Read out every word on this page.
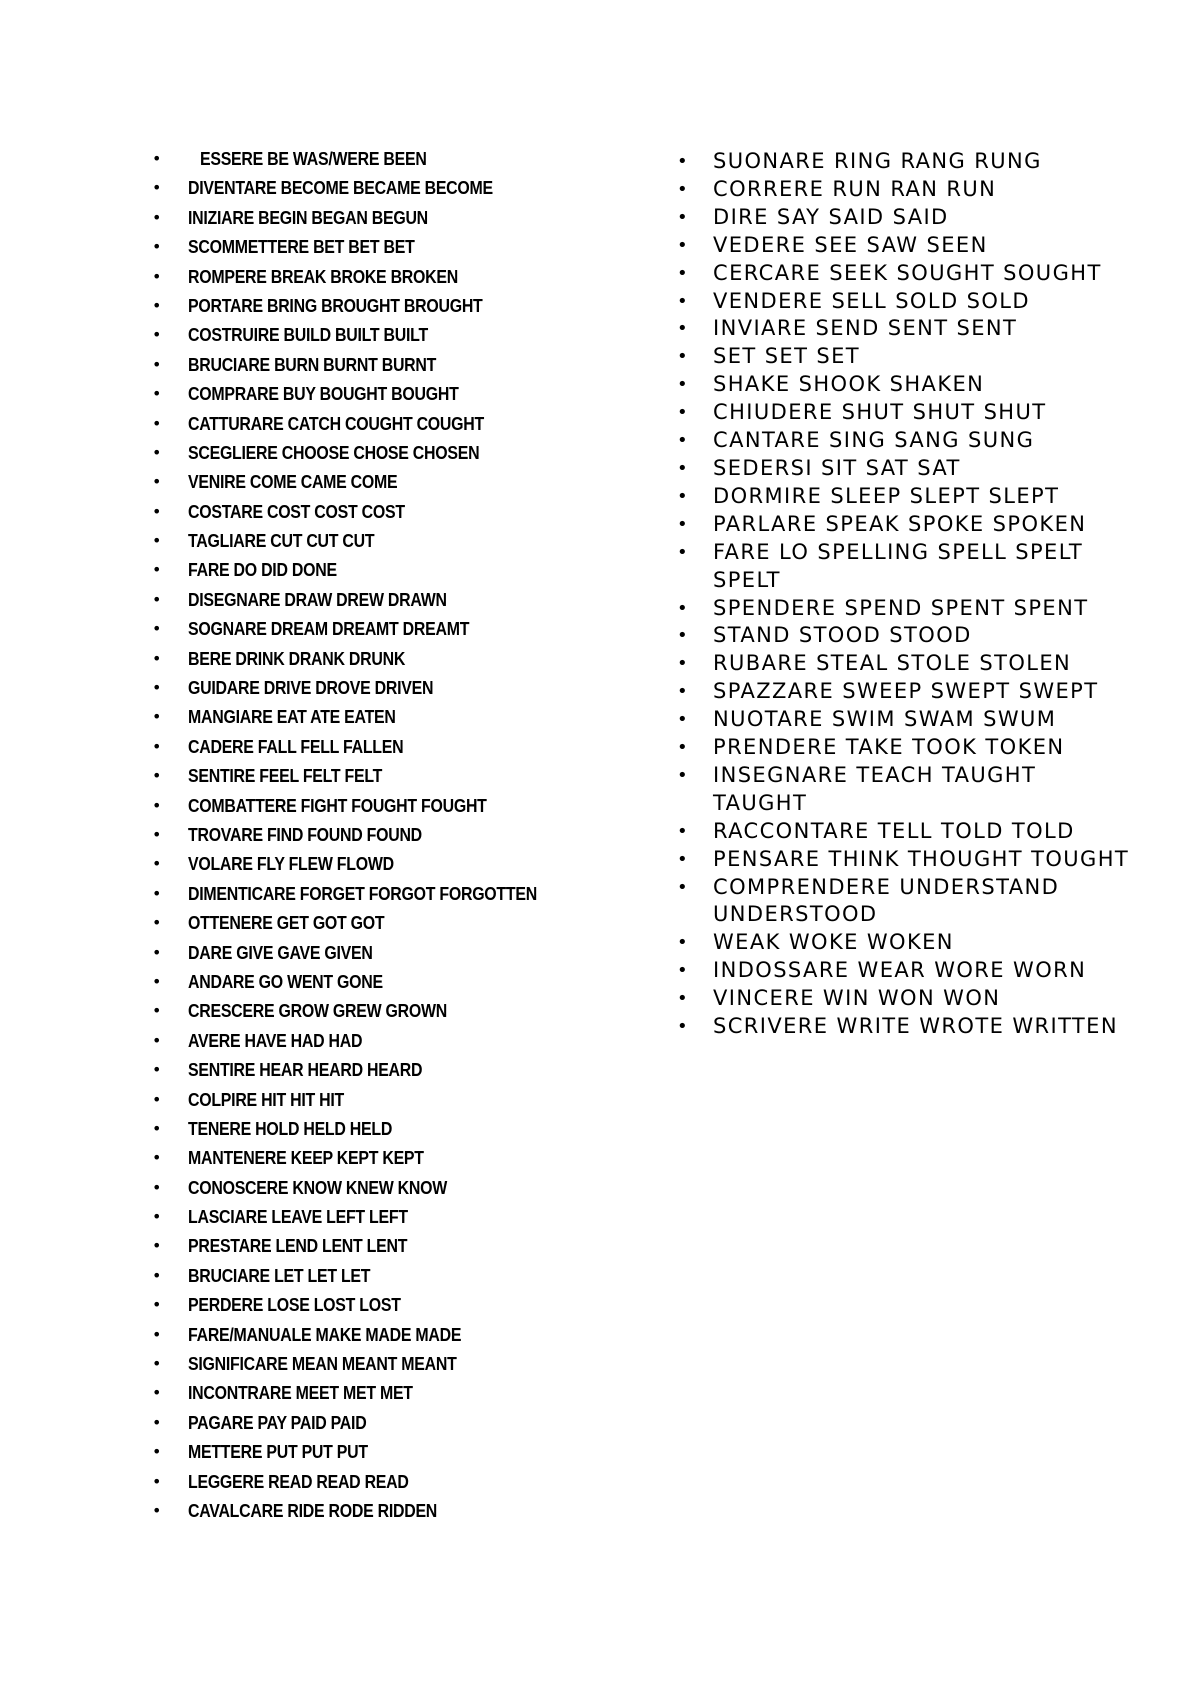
• ESSERE BE WAS/WERE BEEN
• DIVENTARE BECOME BECAME BECOME
• INIZIARE BEGIN BEGAN BEGUN
• SCOMMETTERE BET BET BET
• ROMPERE BREAK BROKE BROKEN
• PORTARE BRING BROUGHT BROUGHT
• COSTRUIRE BUILD BUILT BUILT
• BRUCIARE BURN BURNT BURNT
• COMPRARE BUY BOUGHT BOUGHT
• CATTURARE CATCH COUGHT COUGHT
• SCEGLIERE CHOOSE CHOSE CHOSEN
• VENIRE COME CAME COME
• COSTARE COST COST COST
• TAGLIARE CUT CUT CUT
• FARE DO DID DONE
• DISEGNARE DRAW DREW DRAWN
• SOGNARE DREAM DREAMT DREAMT
• BERE DRINK DRANK DRUNK
• GUIDARE DRIVE DROVE DRIVEN
• MANGIARE EAT ATE EATEN
• CADERE FALL FELL FALLEN
• SENTIRE FEEL FELT FELT
• COMBATTERE FIGHT FOUGHT FOUGHT
• TROVARE FIND FOUND FOUND
• VOLARE FLY FLEW FLOWD
• DIMENTICARE FORGET FORGOT FORGOTTEN
• OTTENERE GET GOT GOT
• DARE GIVE GAVE GIVEN
• ANDARE GO WENT GONE
• CRESCERE GROW GREW GROWN
• AVERE HAVE HAD HAD
• SENTIRE HEAR HEARD HEARD
• COLPIRE HIT HIT HIT
• TENERE HOLD HELD HELD
• MANTENERE KEEP KEPT KEPT
• CONOSCERE KNOW KNEW KNOW
• LASCIARE LEAVE LEFT LEFT
• PRESTARE LEND LENT LENT
• BRUCIARE LET LET LET
• PERDERE LOSE LOST LOST
• FARE/MANUALE MAKE MADE MADE
• SIGNIFICARE MEAN MEANT MEANT
• INCONTRARE MEET MET MET
• PAGARE PAY PAID PAID
• METTERE PUT PUT PUT
• LEGGERE READ READ READ
• CAVALCARE RIDE RODE RIDDEN
• SUONARE RING RANG RUNG
• CORRERE RUN RAN RUN
• DIRE SAY SAID SAID
• VEDERE SEE SAW SEEN
• CERCARE SEEK SOUGHT SOUGHT
• VENDERE SELL SOLD SOLD
• INVIARE SEND SENT SENT
• SET SET SET
• SHAKE SHOOK SHAKEN
• CHIUDERE SHUT SHUT SHUT
• CANTARE SING SANG SUNG
• SEDERSI SIT SAT SAT
• DORMIRE SLEEP SLEPT SLEPT
• PARLARE SPEAK SPOKE SPOKEN
• FARE LO SPELLING SPELL SPELT SPELT
• SPENDERE SPEND SPENT SPENT
• STAND STOOD STOOD
• RUBARE STEAL STOLE STOLEN
• SPAZZARE SWEEP SWEPT SWEPT
• NUOTARE SWIM SWAM SWUM
• PRENDERE TAKE TOOK TOKEN
• INSEGNARE TEACH TAUGHT TAUGHT
• RACCONTARE TELL TOLD TOLD
• PENSARE THINK THOUGHT TOUGHT
• COMPRENDERE UNDERSTAND UNDERSTOOD
• WEAK WOKE WOKEN
• INDOSSARE WEAR WORE WORN
• VINCERE WIN WON WON
• SCRIVERE WRITE WROTE WRITTEN
